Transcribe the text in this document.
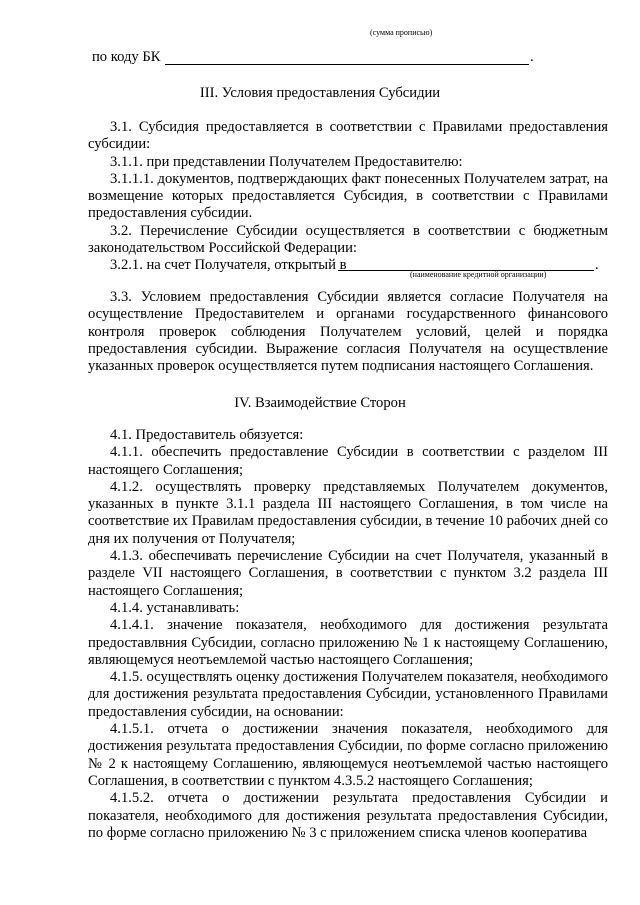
(сумма прописью)
по коду БК	.
III. Условия предоставления Субсидии
3.1. Субсидия предоставляется в соответствии с Правилами предоставления субсидии:
3.1.1. при представлении Получателем Предоставителю:
3.1.1.1. документов, подтверждающих факт понесенных Получателем затрат, на возмещение которых предоставляется Субсидия, в соответствии с Правилами предоставления субсидии.
3.2. Перечисление Субсидии осуществляется в соответствии с бюджетным законодательством Российской Федерации:
3.2.1. на счет Получателя, открытый в	.
(наименование кредитной организации)
3.3. Условием предоставления Субсидии является согласие Получателя на осуществление Предоставителем и органами государственного финансового контроля проверок соблюдения Получателем условий, целей и порядка предоставления субсидии. Выражение согласия Получателя на осуществление указанных проверок осуществляется путем подписания настоящего Соглашения.
IV. Взаимодействие Сторон
4.1. Предоставитель обязуется:
4.1.1. обеспечить предоставление Субсидии в соответствии с разделом III настоящего Соглашения;
4.1.2. осуществлять проверку представляемых Получателем документов, указанных в пункте 3.1.1 раздела III настоящего Соглашения, в том числе на соответствие их Правилам предоставления субсидии, в течение 10 рабочих дней со дня их получения от Получателя;
4.1.3. обеспечивать перечисление Субсидии на счет Получателя, указанный в разделе VII настоящего Соглашения, в соответствии с пунктом 3.2 раздела III настоящего Соглашения;
4.1.4. устанавливать:
4.1.4.1. значение показателя, необходимого для достижения результата предоставлвния Субсидии, согласно приложению № 1 к настоящему Соглашению, являющемуся неотъемлемой частью настоящего Соглашения;
4.1.5. осуществлять оценку достижения Получателем показателя, необходимого для достижения результата предоставления Субсидии, установленного Правилами предоставления субсидии, на основании:
4.1.5.1. отчета о достижении значения показателя, необходимого для достижения результата предоставления Субсидии, по форме согласно приложению № 2 к настоящему Соглашению, являющемуся неотъемлемой частью настоящего Соглашения, в соответствии с пунктом 4.3.5.2 настоящего Соглашения;
4.1.5.2. отчета о достижении результата предоставления Субсидии и показателя, необходимого для достижения результата предоставления Субсидии, по форме согласно приложению № 3 с приложением списка членов кооператива
